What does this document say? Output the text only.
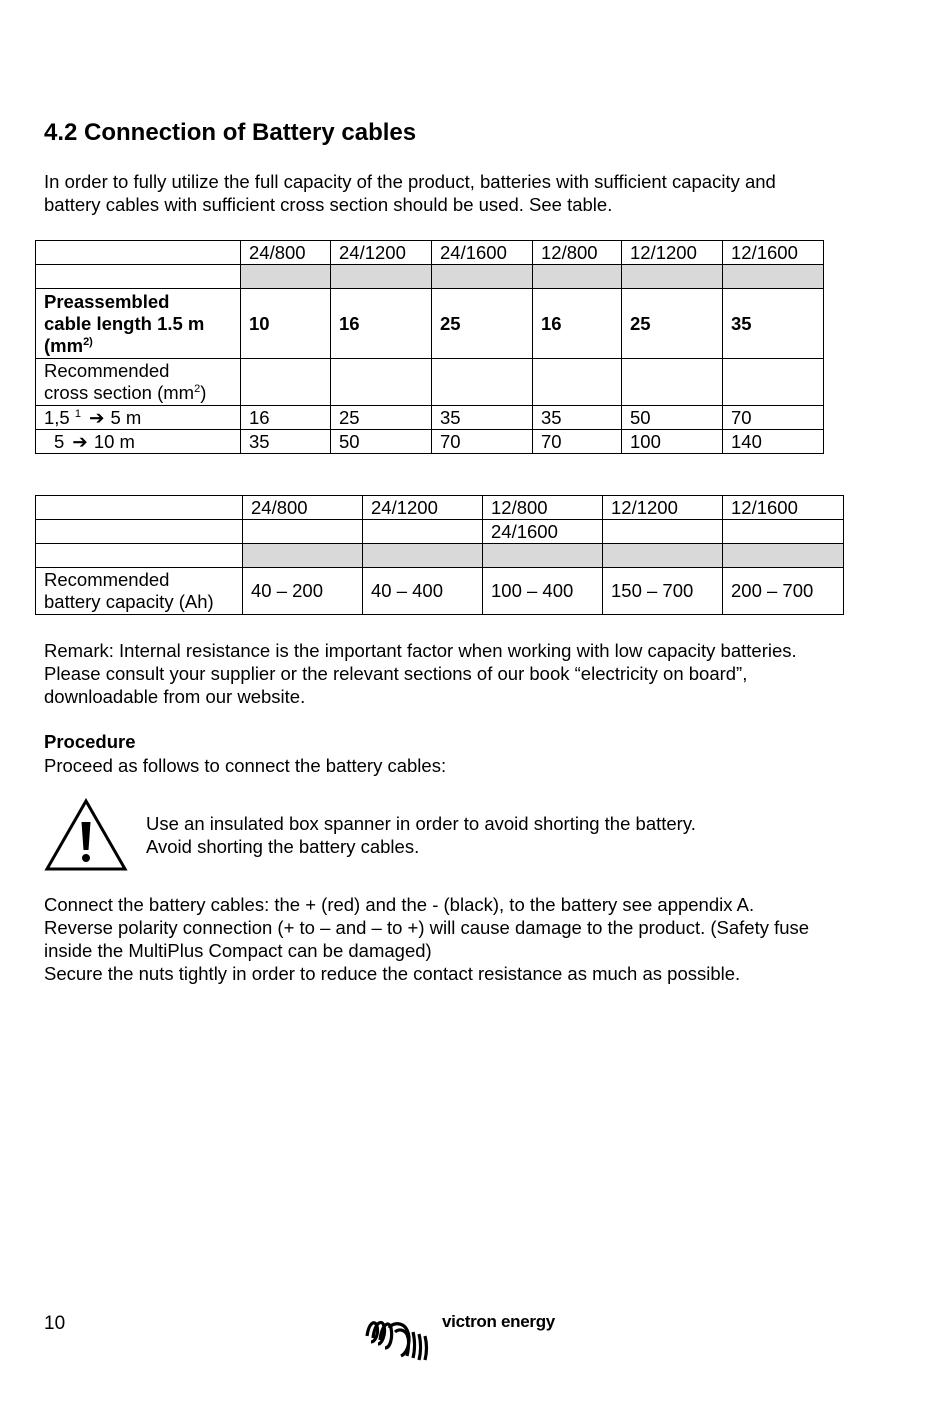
4.2 Connection of Battery cables

In order to fully utilize the full capacity of the product, batteries with sufficient capacity and
battery cables with sufficient cross section should be used. See table.

	24/800	24/1200	24/1600	12/800	12/1200	12/1600

Preassembled
cable length 1.5 m
($mm^{2)}$	10	16	25	16	25	35
Recommended
cross section $(mm^2)$						
1,5 $^1$ ➔ 5 m	16	25	35	35	50	70
5 ➔ 10 m	35	50	70	70	100	140
	24/800	24/1200	12/800	12/1200	12/1600
			24/1600		

Recommended
battery capacity (Ah)	40 – 200	40 – 400	100 – 400	150 – 700	200 – 700

Remark: Internal resistance is the important factor when working with low capacity batteries.
Please consult your supplier or the relevant sections of our book “electricity on board”,
downloadable from our website.

Procedure

Proceed as follows to connect the battery cables:

Use an insulated box spanner in order to avoid shorting the battery.
Avoid shorting the battery cables.

Connect the battery cables: the + (red) and the - (black), to the battery see appendix A.
Reverse polarity connection (+ to – and – to +) will cause damage to the product. (Safety fuse
inside the MultiPlus Compact can be damaged)
Secure the nuts tightly in order to reduce the contact resistance as much as possible.

10	victron energy
